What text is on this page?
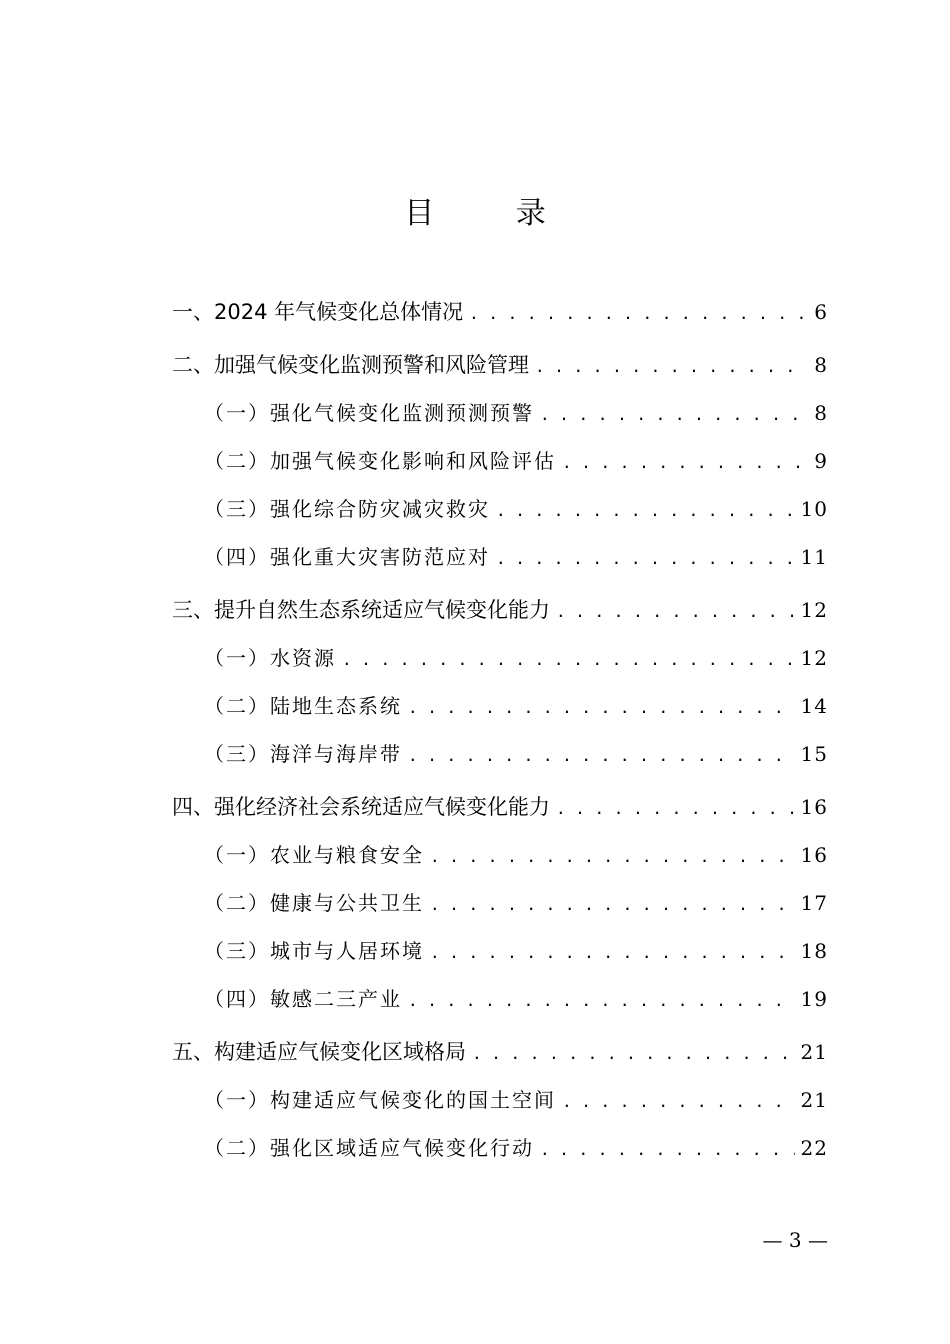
目 录
一、2024 年气候变化总体情况 . . .	6
二、加强气候变化监测预警和风险管理 . . .	8
（一）强化气候变化监测预测预警 . . .	8
（二）加强气候变化影响和风险评估 . . .	9
（三）强化综合防灾减灾救灾 . . .	10
（四）强化重大灾害防范应对 . . .	11
三、提升自然生态系统适应气候变化能力 . . .	12
（一）水资源 . . .	12
（二）陆地生态系统 . . .	14
（三）海洋与海岸带 . . .	15
四、强化经济社会系统适应气候变化能力 . . .	16
（一）农业与粮食安全 . . .	16
（二）健康与公共卫生 . . .	17
（三）城市与人居环境 . . .	18
（四）敏感二三产业 . . .	19
五、构建适应气候变化区域格局 . . .	21
（一）构建适应气候变化的国土空间 . . .	21
（二）强化区域适应气候变化行动 . . .	22
— 3 —
